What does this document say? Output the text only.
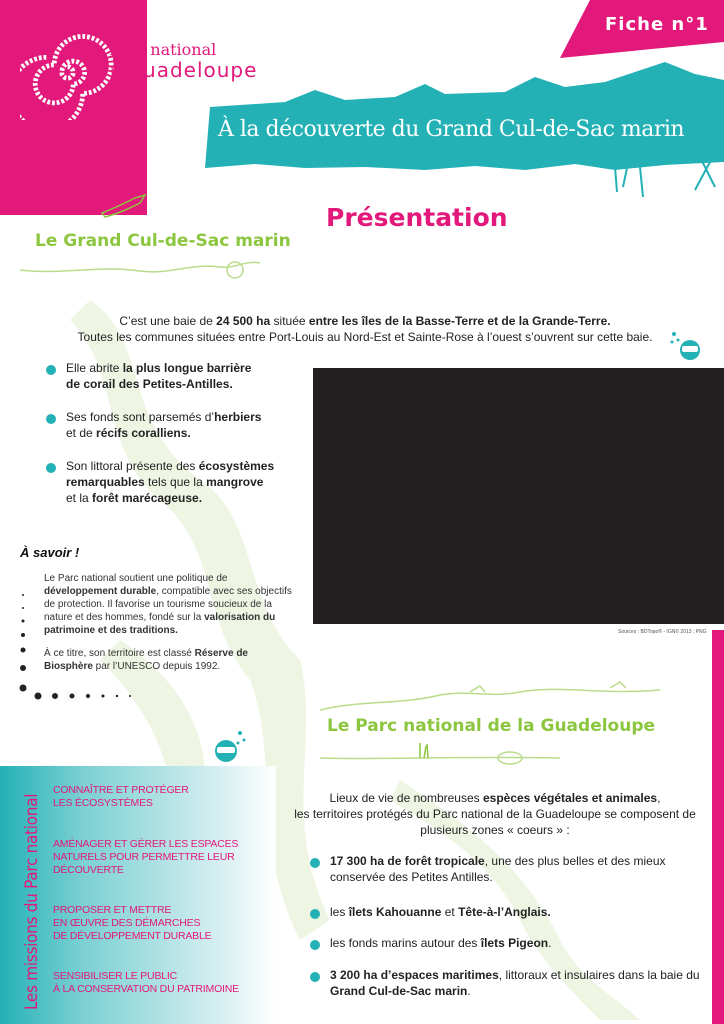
Parc national
de la Guadeloupe
Fiche n°1
À la découverte du Grand Cul-de-Sac marin
Présentation
Le Grand Cul-de-Sac marin
C’est une baie de 24 500 ha située entre les îles de la Basse-Terre et de la Grande-Terre.
Toutes les communes situées entre Port-Louis au Nord-Est et Sainte-Rose à l’ouest s’ouvrent sur cette baie.
Elle abrite la plus longue barrière
de corail des Petites-Antilles.
Ses fonds sont parsemés d’herbiers
et de récifs coralliens.
Son littoral présente des écosystèmes
remarquables tels que la mangrove
et la forêt marécageuse.
Sources : BDTopo® - IGN© 2013 ; PNG
À savoir !

Le Parc national soutient une politique de développement durable, compatible avec ses objectifs de protection. Il favorise un tourisme soucieux de la nature et des hommes, fondé sur la valorisation du patrimoine et des traditions.

À ce titre, son territoire est classé Réserve de Biosphère par l’UNESCO depuis 1992.

Le Parc national de la Guadeloupe
Les missions du Parc national
CONNAÎTRE ET PROTÉGER
LES ÉCOSYSTÈMES
AMÉNAGER ET GÉRER LES ESPACES
NATURELS POUR PERMETTRE LEUR
DÉCOUVERTE
PROPOSER ET METTRE
EN ŒUVRE DES DÉMARCHES
DE DÉVELOPPEMENT DURABLE
SENSIBILISER LE PUBLIC
À LA CONSERVATION DU PATRIMOINE
Lieux de vie de nombreuses espèces végétales et animales,
les territoires protégés du Parc national de la Guadeloupe se composent de plusieurs zones « coeurs » :
17 300 ha de forêt tropicale, une des plus belles et des mieux conservée des Petites Antilles.
les îlets Kahouanne et Tête-à-l’Anglais.
les fonds marins autour des îlets Pigeon.
3 200 ha d’espaces maritimes, littoraux et insulaires dans la baie du Grand Cul-de-Sac marin.
